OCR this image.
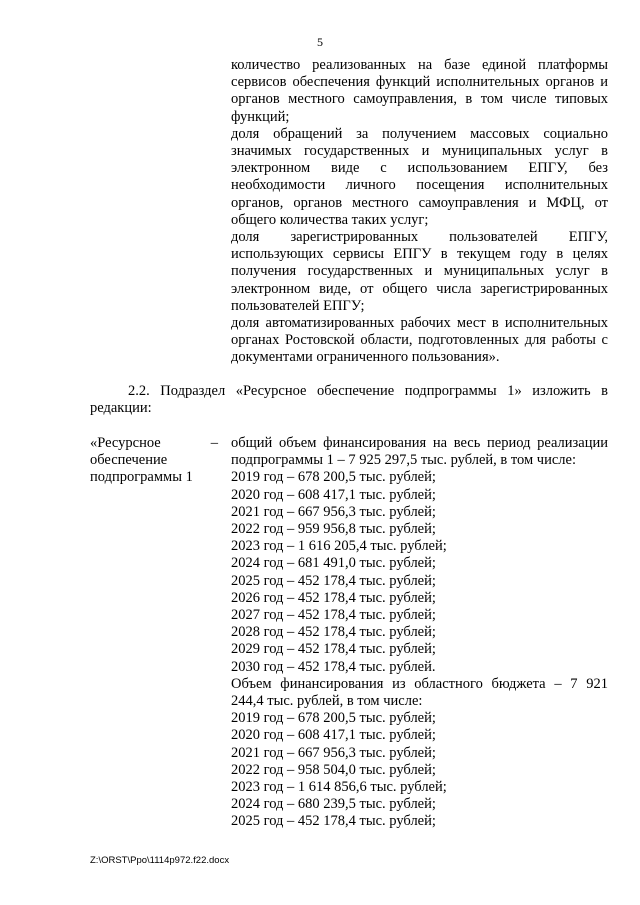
5

количество реализованных на базе единой платформы сервисов обеспечения функций исполнительных органов и органов местного самоуправления, в том числе типовых функций;

доля обращений за получением массовых социально значимых государственных и муниципальных услуг в электронном виде с использованием ЕПГУ, без необходимости личного посещения исполнительных органов, органов местного самоуправления и МФЦ, от общего количества таких услуг;

доля зарегистрированных пользователей ЕПГУ, использующих сервисы ЕПГУ в текущем году в целях получения государственных и муниципальных услуг в электронном виде, от общего числа зарегистрированных пользователей ЕПГУ;

доля автоматизированных рабочих мест в исполнительных органах Ростовской области, подготовленных для работы с документами ограниченного пользования».

2.2. Подраздел «Ресурсное обеспечение подпрограммы 1» изложить в редакции:

«Ресурсное
обеспечение
подпрограммы 1
– общий объем финансирования на весь период реализации подпрограммы 1 – 7 925 297,5 тыс. рублей, в том числе:

2019 год – 678 200,5 тыс. рублей;
2020 год – 608 417,1 тыс. рублей;
2021 год – 667 956,3 тыс. рублей;
2022 год – 959 956,8 тыс. рублей;
2023 год – 1 616 205,4 тыс. рублей;
2024 год – 681 491,0 тыс. рублей;
2025 год – 452 178,4 тыс. рублей;
2026 год – 452 178,4 тыс. рублей;
2027 год – 452 178,4 тыс. рублей;
2028 год – 452 178,4 тыс. рублей;
2029 год – 452 178,4 тыс. рублей;
2030 год – 452 178,4 тыс. рублей.

Объем финансирования из областного бюджета – 7 921 244,4 тыс. рублей, в том числе:

2019 год – 678 200,5 тыс. рублей;
2020 год – 608 417,1 тыс. рублей;
2021 год – 667 956,3 тыс. рублей;
2022 год – 958 504,0 тыс. рублей;
2023 год – 1 614 856,6 тыс. рублей;
2024 год – 680 239,5 тыс. рублей;
2025 год – 452 178,4 тыс. рублей;
Z:\ORST\Ppo\1114p972.f22.docx
